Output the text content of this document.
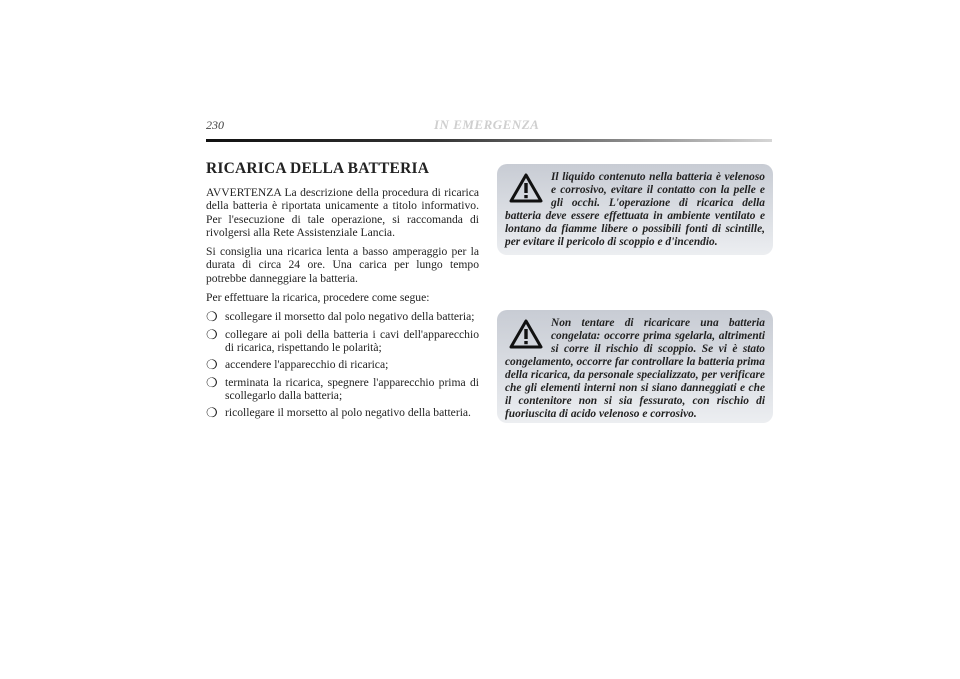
230	IN EMERGENZA
RICARICA DELLA BATTERIA

AVVERTENZA La descrizione della procedura di ricarica della batteria è riportata unicamente a titolo informativo. Per l'esecuzione di tale operazione, si raccomanda di rivolgersi alla Rete Assistenziale Lancia.

Si consiglia una ricarica lenta a basso amperaggio per la durata di circa 24 ore. Una carica per lungo tempo potrebbe danneggiare la batteria.

Per effettuare la ricarica, procedere come segue:

❍ scollegare il morsetto dal polo negativo della batteria;
❍ collegare ai poli della batteria i cavi dell'apparecchio di ricarica, rispettando le polarità;
❍ accendere l'apparecchio di ricarica;
❍ terminata la ricarica, spegnere l'apparecchio prima di scollegarlo dalla batteria;
❍ ricollegare il morsetto al polo negativo della batteria.

Il liquido contenuto nella batteria è velenoso e corrosivo, evitare il contatto con la pelle e gli occhi. L'operazione di ricarica della batteria deve essere effettuata in ambiente ventilato e lontano da fiamme libere o possibili fonti di scintille, per evitare il pericolo di scoppio e d'incendio.

Non tentare di ricaricare una batteria congelata: occorre prima sgelarla, altrimenti si corre il rischio di scoppio. Se vi è stato congelamento, occorre far controllare la batteria prima della ricarica, da personale specializzato, per verificare che gli elementi interni non si siano danneggiati e che il contenitore non si sia fessurato, con rischio di fuoriuscita di acido velenoso e corrosivo.
